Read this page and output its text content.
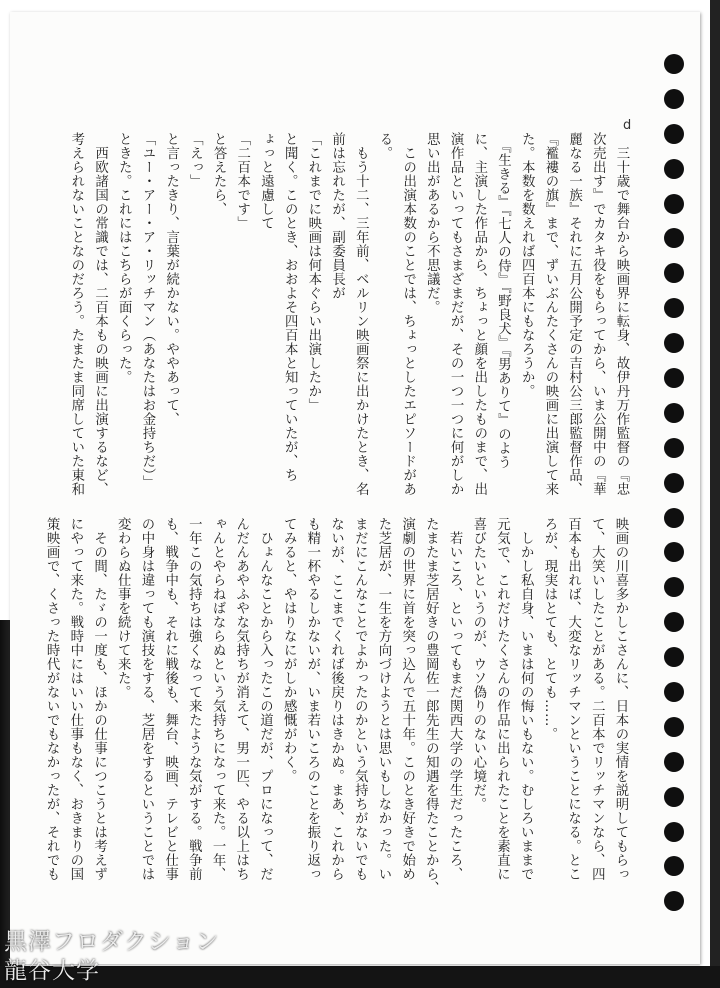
d
　三十歳で舞台から映画界に転身、故伊丹万作監督の『忠
次売出す』でカタキ役をもらってから、いま公開中の『華
麗なる一族』それに五月公開予定の吉村公三郎監督作品、
『襤褸の旗』まで、ずいぶんたくさんの映画に出演して来
た。本数を数えれば四百本にもなろうか。
　『生きる』『七人の侍』『野良犬』『男ありて』のよう
に、主演した作品から、ちょっと顔を出したものまで、出
演作品といってもさまざまだが、その一つ一つに何がしか
思い出があるから不思議だ。
　この出演本数のことでは、ちょっとしたエピソードがあ
る。
　もう十二、三年前、ベルリン映画祭に出かけたとき、名
前は忘れたが、副委員長が
「これまでに映画は何本ぐらい出演したか」
と聞く。このとき、おおよそ四百本と知っていたが、ち
ょっと遠慮して
「二百本です」
と答えたら、
「えっ」
と言ったきり、言葉が続かない。ややあって、
「ユー・アー・ア・リッチマン（あなたはお金持ちだ）」
ときた。これにはこちらが面くらった。
　西欧諸国の常識では、二百本もの映画に出演するなど、
考えられないことなのだろう。たまたま同席していた東和
映画の川喜多かしこさんに、日本の実情を説明してもらっ
て、大笑いしたことがある。二百本でリッチマンなら、四
百本も出れば、大変なリッチマンということになる。とこ
ろが、現実はとても、とても……。
　しかし私自身、いまは何の悔いもない。むしろいままで
元気で、これだけたくさんの作品に出られたことを素直に
喜びたいというのが、ウソ偽りのない心境だ。
　若いころ、といってもまだ関西大学の学生だったころ、
たまたま芝居好きの豊岡佐一郎先生の知遇を得たことから、
演劇の世界に首を突っ込んで五十年。このとき好きで始め
た芝居が、一生を方向づけようとは思いもしなかった。い
まだにこんなことでよかったのかという気持ちがないでも
ないが、ここまでくれば後戻りはきかぬ。まあ、これから
も精一杯やるしかないが、いま若いころのことを振り返っ
てみると、やはりなにがしか感慨がわく。
　ひょんなことから入ったこの道だが、プロになって、だ
んだんあやふやな気持ちが消えて、男一匹、やる以上はち
ゃんとやらねばならぬという気持ちになって来た。一年、
一年この気持ちは強くなって来たような気がする。戦争前
も、戦争中も、それに戦後も、舞台、映画、テレビと仕事
の中身は違っても演技をする、芝居をするということでは
変わらぬ仕事を続けて来た。
　その間、たゞの一度も、ほかの仕事につこうとは考えず
にやって来た。戦時中にはいい仕事もなく、おきまりの国
策映画で、くさった時代がないでもなかったが、それでも
黒澤フロダクション
龍谷大学
